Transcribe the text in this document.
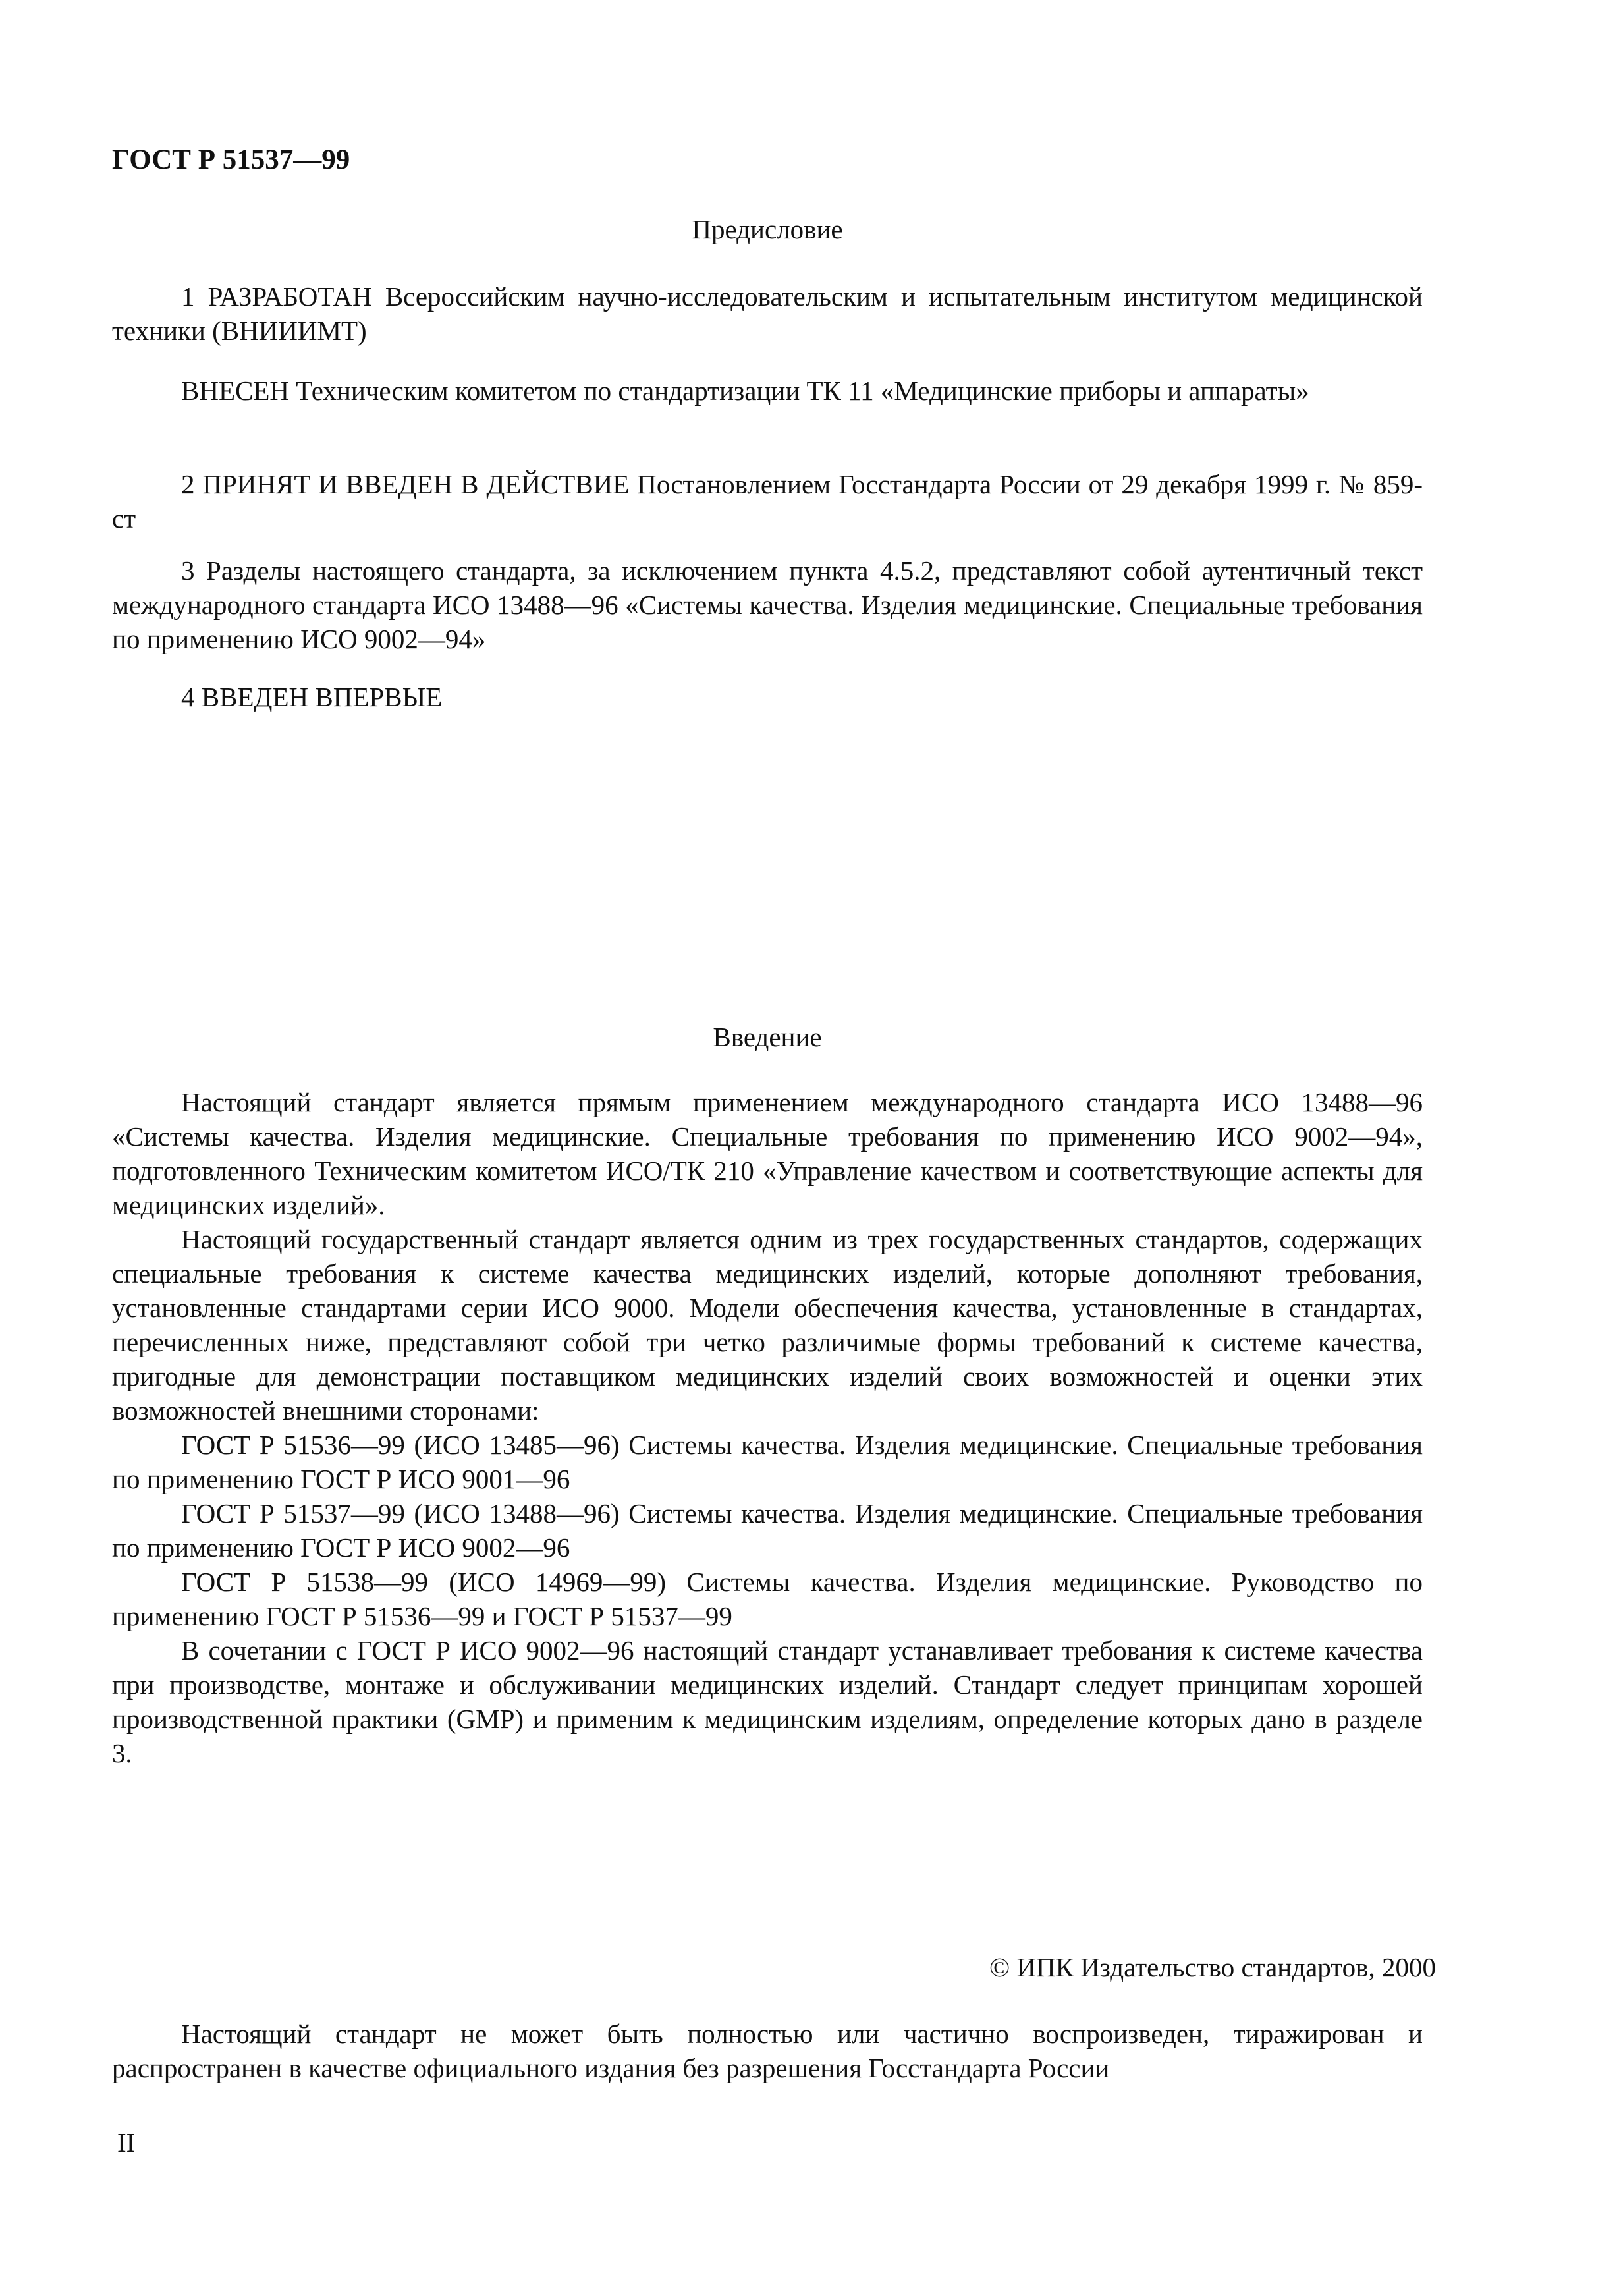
ГОСТ Р 51537—99

Предисловие

1 РАЗРАБОТАН Всероссийским научно-исследовательским и испытательным институтом медицинской техники (ВНИИИМТ)

ВНЕСЕН Техническим комитетом по стандартизации ТК 11 «Медицинские приборы и аппараты»

2 ПРИНЯТ И ВВЕДЕН В ДЕЙСТВИЕ Постановлением Госстандарта России от 29 декабря 1999 г. № 859-ст

3 Разделы настоящего стандарта, за исключением пункта 4.5.2, представляют собой аутентичный текст международного стандарта ИСО 13488—96 «Системы качества. Изделия медицинские. Специальные требования по применению ИСО 9002—94»

4 ВВЕДЕН ВПЕРВЫЕ

Введение

Настоящий стандарт является прямым применением международного стандарта ИСО 13488—96 «Системы качества. Изделия медицинские. Специальные требования по применению ИСО 9002—94», подготовленного Техническим комитетом ИСО/ТК 210 «Управление качеством и соответствующие аспекты для медицинских изделий».

Настоящий государственный стандарт является одним из трех государственных стандартов, содержащих специальные требования к системе качества медицинских изделий, которые дополняют требования, установленные стандартами серии ИСО 9000. Модели обеспечения качества, установленные в стандартах, перечисленных ниже, представляют собой три четко различимые формы требований к системе качества, пригодные для демонстрации поставщиком медицинских изделий своих возможностей и оценки этих возможностей внешними сторонами:

ГОСТ Р 51536—99 (ИСО 13485—96) Системы качества. Изделия медицинские. Специальные требования по применению ГОСТ Р ИСО 9001—96

ГОСТ Р 51537—99 (ИСО 13488—96) Системы качества. Изделия медицинские. Специальные требования по применению ГОСТ Р ИСО 9002—96

ГОСТ Р 51538—99 (ИСО 14969—99) Системы качества. Изделия медицинские. Руководство по применению ГОСТ Р 51536—99 и ГОСТ Р 51537—99

В сочетании с ГОСТ Р ИСО 9002—96 настоящий стандарт устанавливает требования к системе качества при производстве, монтаже и обслуживании медицинских изделий. Стандарт следует принципам хорошей производственной практики (GMP) и применим к медицинским изделиям, определение которых дано в разделе 3.

© ИПК Издательство стандартов, 2000

Настоящий стандарт не может быть полностью или частично воспроизведен, тиражирован и распространен в качестве официального издания без разрешения Госстандарта России

II
